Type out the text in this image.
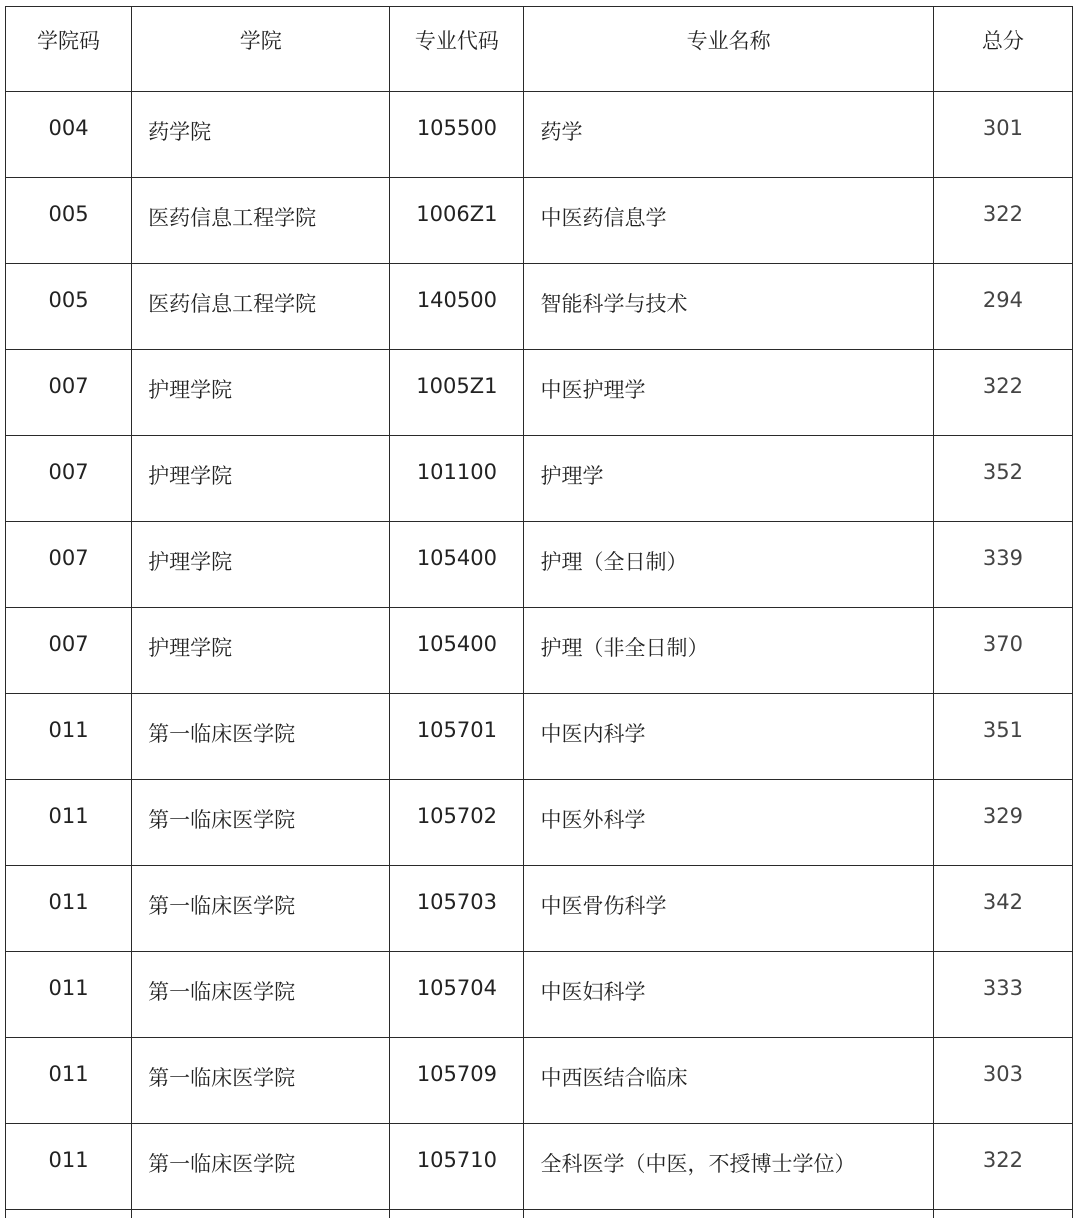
学院码	学院	专业代码	专业名称	总分
004	药学院	105500	药学	301
005	医药信息工程学院	1006Z1	中医药信息学	322
005	医药信息工程学院	140500	智能科学与技术	294
007	护理学院	1005Z1	中医护理学	322
007	护理学院	101100	护理学	352
007	护理学院	105400	护理（全日制）	339
007	护理学院	105400	护理（非全日制）	370
011	第一临床医学院	105701	中医内科学	351
011	第一临床医学院	105702	中医外科学	329
011	第一临床医学院	105703	中医骨伤科学	342
011	第一临床医学院	105704	中医妇科学	333
011	第一临床医学院	105709	中西医结合临床	303
011	第一临床医学院	105710	全科医学（中医，不授博士学位）	322
